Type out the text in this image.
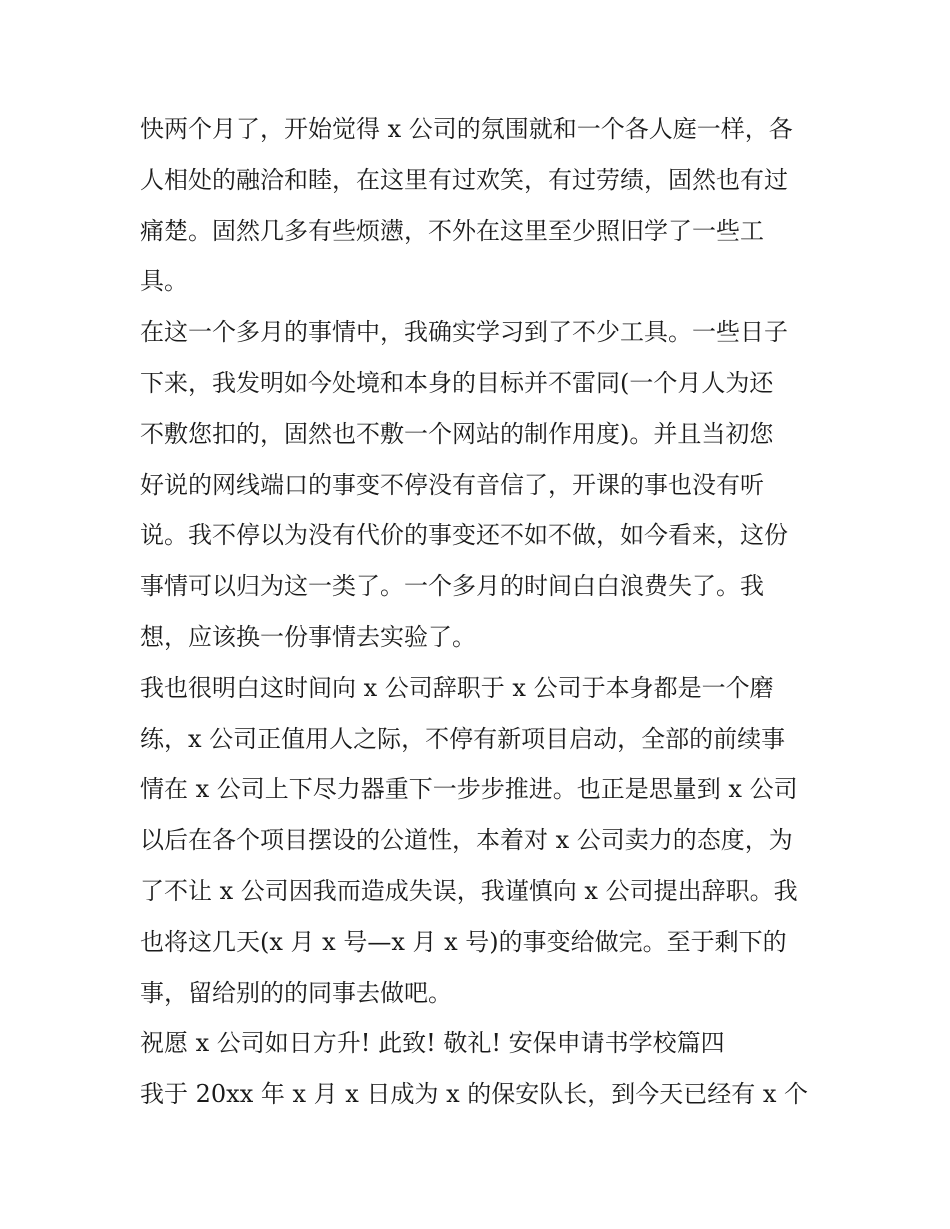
快两个月了，开始觉得 x 公司的氛围就和一个各人庭一样，各
人相处的融洽和睦，在这里有过欢笑，有过劳绩，固然也有过
痛楚。固然几多有些烦懑，不外在这里至少照旧学了一些工
具。
在这一个多月的事情中，我确实学习到了不少工具。一些日子
下来，我发明如今处境和本身的目标并不雷同(一个月人为还
不敷您扣的，固然也不敷一个网站的制作用度)。并且当初您
好说的网线端口的事变不停没有音信了，开课的事也没有听
说。我不停以为没有代价的事变还不如不做，如今看来，这份
事情可以归为这一类了。一个多月的时间白白浪费失了。我
想，应该换一份事情去实验了。
我也很明白这时间向 x 公司辞职于 x 公司于本身都是一个磨
练，x 公司正值用人之际，不停有新项目启动，全部的前续事
情在 x 公司上下尽力器重下一步步推进。也正是思量到 x 公司
以后在各个项目摆设的公道性，本着对 x 公司卖力的态度，为
了不让 x 公司因我而造成失误，我谨慎向 x 公司提出辞职。我
也将这几天(x 月 x 号—x 月 x 号)的事变给做完。至于剩下的
事，留给别的的同事去做吧。
祝愿 x 公司如日方升! 此致! 敬礼! 安保申请书学校篇四
我于 20xx 年 x 月 x 日成为 x 的保安队长，到今天已经有 x 个
